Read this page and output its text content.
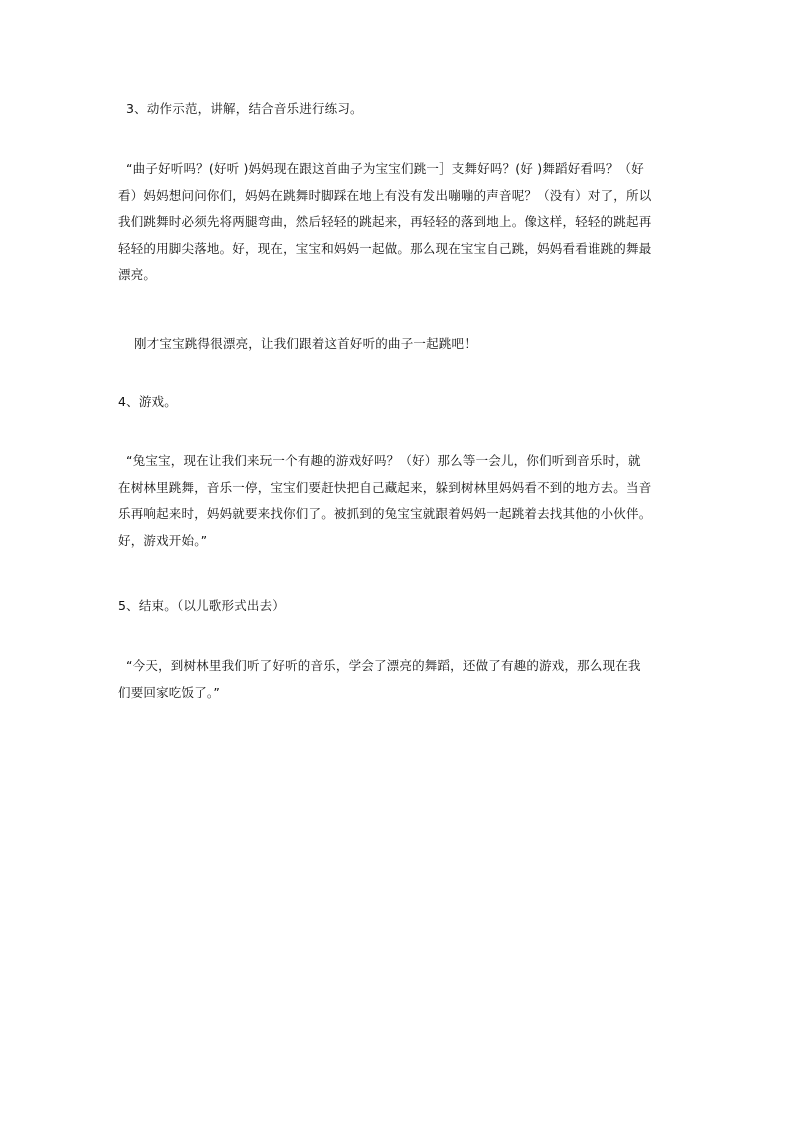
3、动作示范，讲解，结合音乐进行练习。
“曲子好听吗？(好听 )妈妈现在跟这首曲子为宝宝们跳一］支舞好吗？(好 )舞蹈好看吗？（好
看）妈妈想问问你们，妈妈在跳舞时脚踩在地上有没有发出嘣嘣的声音呢？（没有）对了，所以
我们跳舞时必须先将两腿弯曲，然后轻轻的跳起来，再轻轻的落到地上。像这样，轻轻的跳起再
轻轻的用脚尖落地。好，现在，宝宝和妈妈一起做。那么现在宝宝自己跳，妈妈看看谁跳的舞最
漂亮。
刚才宝宝跳得很漂亮，让我们跟着这首好听的曲子一起跳吧！
4、游戏。
“兔宝宝，现在让我们来玩一个有趣的游戏好吗？（好）那么等一会儿，你们听到音乐时，就
在树林里跳舞，音乐一停，宝宝们要赶快把自己藏起来，躲到树林里妈妈看不到的地方去。当音
乐再响起来时，妈妈就要来找你们了。被抓到的兔宝宝就跟着妈妈一起跳着去找其他的小伙伴。
好，游戏开始。”
5、结束。（以儿歌形式出去）
“今天，到树林里我们听了好听的音乐，学会了漂亮的舞蹈，还做了有趣的游戏，那么现在我
们要回家吃饭了。”
